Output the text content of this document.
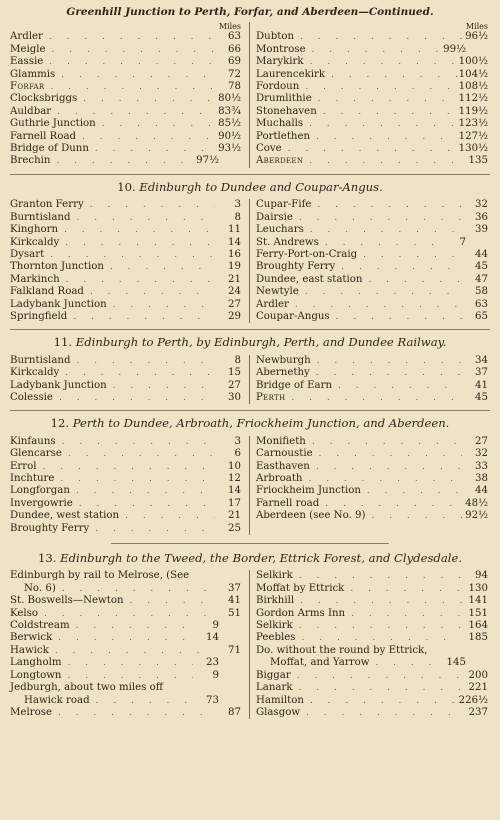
Greenhill Junction to Perth, Forfar, and Aberdeen—Continued.
Miles
Ardler . . .	63
Meigle . . .	66
Eassie . . .	69
Glammis . . .	72
Forfar . . .	78
Clocksbriggs . . .	80½
Auldbar . . .	83¾
Guthrie Junction . . .	85½
Farnell Road . . .	90½
Bridge of Dunn . . .	93½
Brechin . . .	97½
Miles
Dubton . . .	96½
Montrose . . .	99½
Marykirk . . .	100½
Laurencekirk . . .	104½
Fordoun . . .	108½
Drumlithie . . .	112½
Stonehaven . . .	119½
Muchalls . . .	123½
Portlethen . . .	127½
Cove . . .	130½
Aberdeen . . .	135
10. Edinburgh to Dundee and Coupar-Angus.
Granton Ferry . . .	3
Burntisland . . .	8
Kinghorn . . .	11
Kirkcaldy . . .	14
Dysart . . .	16
Thornton Junction . . .	19
Markinch . . .	21
Falkland Road . . .	24
Ladybank Junction . . .	27
Springfield . . .	29
Cupar-Fife . . .	32
Dairsie . . .	36
Leuchars . . .	39
St. Andrews . . .	7
Ferry-Port-on-Craig . . .	44
Broughty Ferry . . .	45
Dundee, east station . . .	47
Newtyle . . .	58
Ardler . . .	63
Coupar-Angus . . .	65
11. Edinburgh to Perth, by Edinburgh, Perth, and Dundee Railway.
Burntisland . . .	8
Kirkcaldy . . .	15
Ladybank Junction . . .	27
Colessie . . .	30
Newburgh . . .	34
Abernethy . . .	37
Bridge of Earn . . .	41
Perth . . .	45
12. Perth to Dundee, Arbroath, Friockheim Junction, and Aberdeen.
Kinfauns . . .	3
Glencarse . . .	6
Errol . . .	10
Inchture . . .	12
Longforgan . . .	14
Invergowrie . . .	17
Dundee, west station . . .	21
Broughty Ferry . . .	25
Monifieth . . .	27
Carnoustie . . .	32
Easthaven . . .	33
Arbroath . . .	38
Friockheim Junction . . .	44
Farnell road . . .	48½
Aberdeen (see No. 9) . . .	92½
13. Edinburgh to the Tweed, the Border, Ettrick Forest, and Clydesdale.
Edinburgh by rail to Melrose, (See
No. 6) . . .	37
St. Boswells—Newton . . .	41
Kelso . . .	51
Coldstream . . .	9
Berwick . . .	14
Hawick . . .	71
Langholm . . .	23
Longtown . . .	9
Jedburgh, about two miles off
Hawick road . . .	73
Melrose . . .	87
Selkirk . . .	94
Moffat by Ettrick . . .	130
Birkhill . . .	141
Gordon Arms Inn . . .	151
Selkirk . . .	164
Peebles . . .	185
Do. without the round by Ettrick,
Moffat, and Yarrow . . .	145
Biggar . . .	200
Lanark . . .	221
Hamilton . . .	226½
Glasgow . . .	237
